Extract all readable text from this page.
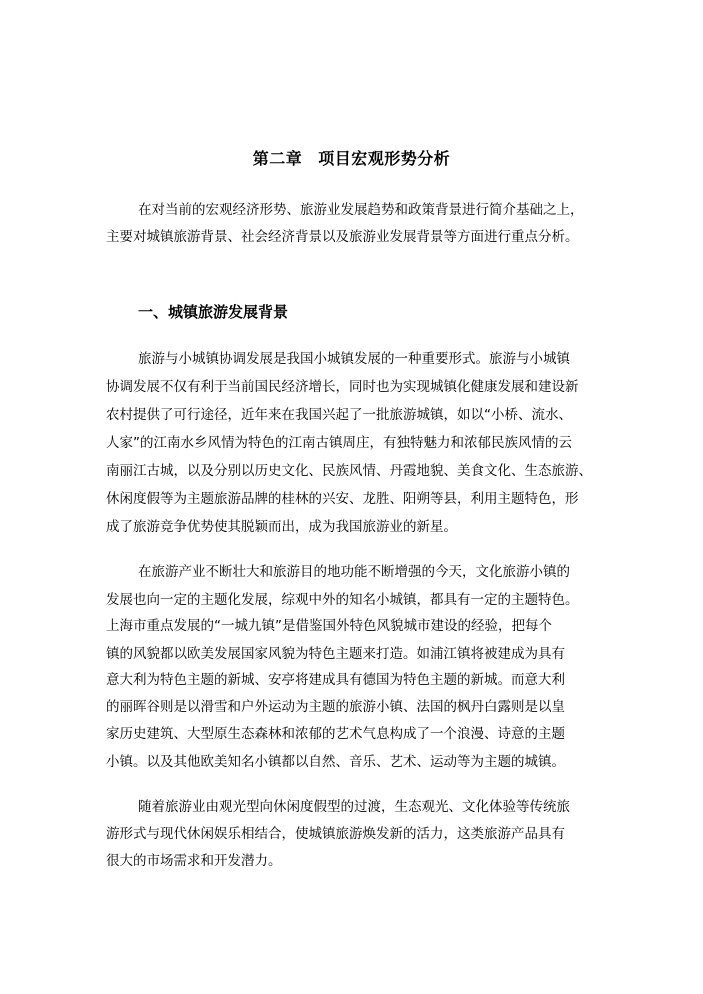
第二章 项目宏观形势分析
在对当前的宏观经济形势、旅游业发展趋势和政策背景进行简介基础之上，
主要对城镇旅游背景、社会经济背景以及旅游业发展背景等方面进行重点分析。
一、城镇旅游发展背景
旅游与小城镇协调发展是我国小城镇发展的一种重要形式。旅游与小城镇
协调发展不仅有利于当前国民经济增长，同时也为实现城镇化健康发展和建设新
农村提供了可行途径，近年来在我国兴起了一批旅游城镇，如以“小桥、流水、
人家”的江南水乡风情为特色的江南古镇周庄，有独特魅力和浓郁民族风情的云
南丽江古城，以及分别以历史文化、民族风情、丹霞地貌、美食文化、生态旅游、
休闲度假等为主题旅游品牌的桂林的兴安、龙胜、阳朔等县，利用主题特色，形
成了旅游竞争优势使其脱颖而出，成为我国旅游业的新星。
在旅游产业不断壮大和旅游目的地功能不断增强的今天，文化旅游小镇的
发展也向一定的主题化发展，综观中外的知名小城镇，都具有一定的主题特色。
上海市重点发展的“一城九镇”是借鉴国外特色风貌城市建设的经验，把每个
镇的风貌都以欧美发展国家风貌为特色主题来打造。如浦江镇将被建成为具有
意大利为特色主题的新城、安亭将建成具有德国为特色主题的新城。而意大利
的丽晖谷则是以滑雪和户外运动为主题的旅游小镇、法国的枫丹白露则是以皇
家历史建筑、大型原生态森林和浓郁的艺术气息构成了一个浪漫、诗意的主题
小镇。以及其他欧美知名小镇都以自然、音乐、艺术、运动等为主题的城镇。
随着旅游业由观光型向休闲度假型的过渡，生态观光、文化体验等传统旅
游形式与现代休闲娱乐相结合，使城镇旅游焕发新的活力，这类旅游产品具有
很大的市场需求和开发潜力。
